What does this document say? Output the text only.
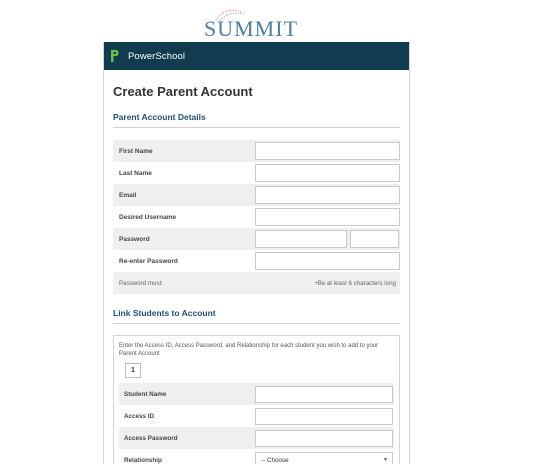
SUMMIT
PowerSchool
Create Parent Account
Parent Account Details
First Name
Last Name
Email
Desired Username
Password
Re-enter Password
Password must:	•Be at least 6 characters long
Link Students to Account
Enter the Access ID, Access Password, and Relationship for each student you wish to add to your Parent Account
1
Student Name
Access ID
Access Password
Relationship	-- Choose	▼
